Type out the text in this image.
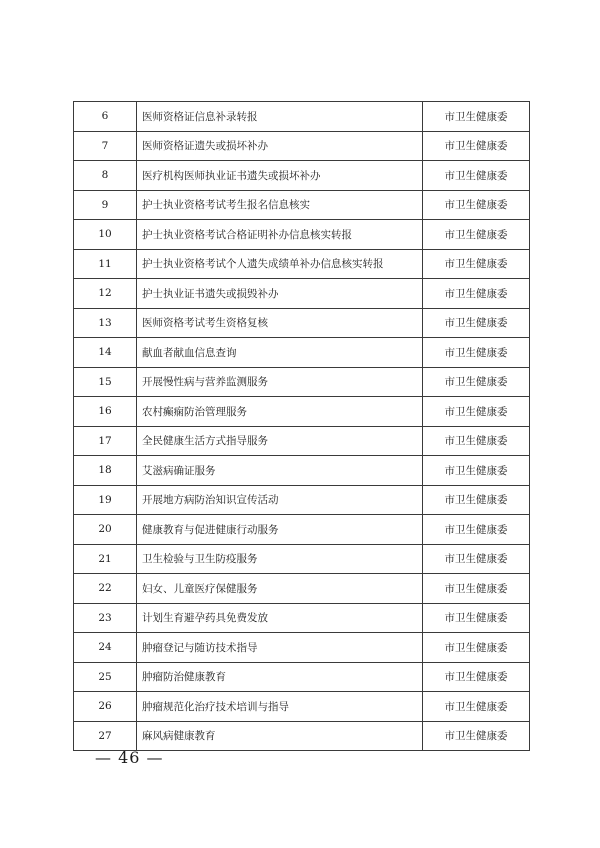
6	医师资格证信息补录转报	市卫生健康委
7	医师资格证遗失或损坏补办	市卫生健康委
8	医疗机构医师执业证书遗失或损坏补办	市卫生健康委
9	护士执业资格考试考生报名信息核实	市卫生健康委
10	护士执业资格考试合格证明补办信息核实转报	市卫生健康委
11	护士执业资格考试个人遗失成绩单补办信息核实转报	市卫生健康委
12	护士执业证书遗失或损毁补办	市卫生健康委
13	医师资格考试考生资格复核	市卫生健康委
14	献血者献血信息查询	市卫生健康委
15	开展慢性病与营养监测服务	市卫生健康委
16	农村癫痫防治管理服务	市卫生健康委
17	全民健康生活方式指导服务	市卫生健康委
18	艾滋病确证服务	市卫生健康委
19	开展地方病防治知识宣传活动	市卫生健康委
20	健康教育与促进健康行动服务	市卫生健康委
21	卫生检验与卫生防疫服务	市卫生健康委
22	妇女、儿童医疗保健服务	市卫生健康委
23	计划生育避孕药具免费发放	市卫生健康委
24	肿瘤登记与随访技术指导	市卫生健康委
25	肿瘤防治健康教育	市卫生健康委
26	肿瘤规范化治疗技术培训与指导	市卫生健康委
27	麻风病健康教育	市卫生健康委
— 46 —
